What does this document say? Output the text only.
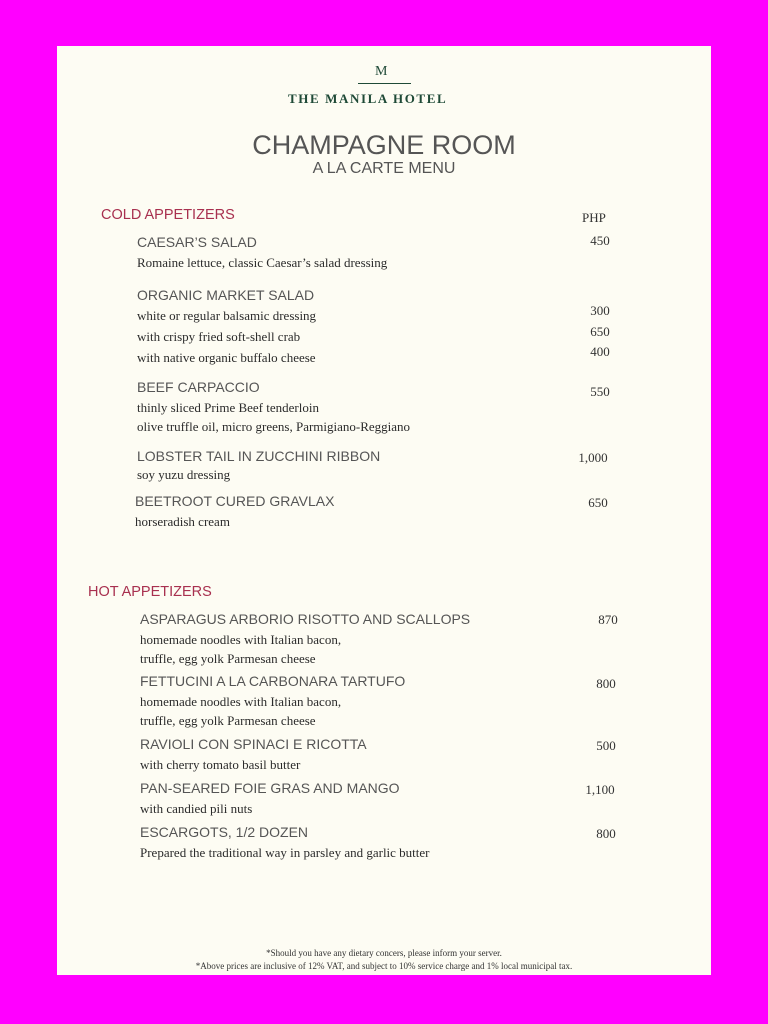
M
THE MANILA HOTEL
CHAMPAGNE ROOM
A LA CARTE MENU
COLD APPETIZERS	PHP
CAESAR’S SALAD	450
Romaine lettuce, classic Caesar’s salad dressing
ORGANIC MARKET SALAD
white or regular balsamic dressing	300
with crispy fried soft-shell crab	650
with native organic buffalo cheese	400
BEEF CARPACCIO	550
thinly sliced Prime Beef tenderloin
olive truffle oil, micro greens, Parmigiano-Reggiano
LOBSTER TAIL IN ZUCCHINI RIBBON	1,000
soy yuzu dressing
BEETROOT CURED GRAVLAX	650
horseradish cream
HOT APPETIZERS
ASPARAGUS ARBORIO RISOTTO AND SCALLOPS	870
homemade noodles with Italian bacon,
truffle, egg yolk Parmesan cheese
FETTUCINI A LA CARBONARA TARTUFO	800
homemade noodles with Italian bacon,
truffle, egg yolk Parmesan cheese
RAVIOLI CON SPINACI E RICOTTA	500
with cherry tomato basil butter
PAN-SEARED FOIE GRAS AND MANGO	1,100
with candied pili nuts
ESCARGOTS, 1/2 DOZEN	800
Prepared the traditional way in parsley and garlic butter
*Should you have any dietary concers, please inform your server.
*Above prices are inclusive of 12% VAT, and subject to 10% service charge and 1% local municipal tax.
